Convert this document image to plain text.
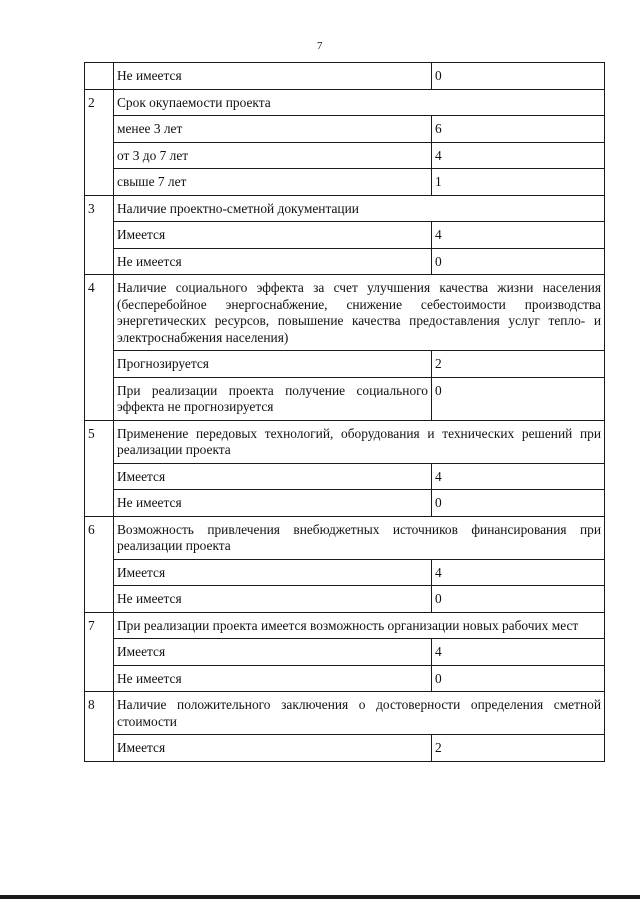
7
	Не имеется	0
2	Срок окупаемости проекта	
	менее 3 лет	6
	от 3 до 7 лет	4
	свыше 7 лет	1
3	Наличие проектно-сметной документации	
	Имеется	4
	Не имеется	0
4	Наличие социального эффекта за счет улучшения качества жизни населения (бесперебойное энергоснабжение, снижение себестоимости производства энергетических ресурсов, повышение качества предоставления услуг тепло- и электроснабжения населения)	
	Прогнозируется	2
	При реализации проекта получение социального эффекта не прогнозируется	0
5	Применение передовых технологий, оборудования и технических решений при реализации проекта	
	Имеется	4
	Не имеется	0
6	Возможность привлечения внебюджетных источников финансирования при реализации проекта	
	Имеется	4
	Не имеется	0
7	При реализации проекта имеется возможность организации новых рабочих мест	
	Имеется	4
	Не имеется	0
8	Наличие положительного заключения о достоверности определения сметной стоимости	
	Имеется	2
